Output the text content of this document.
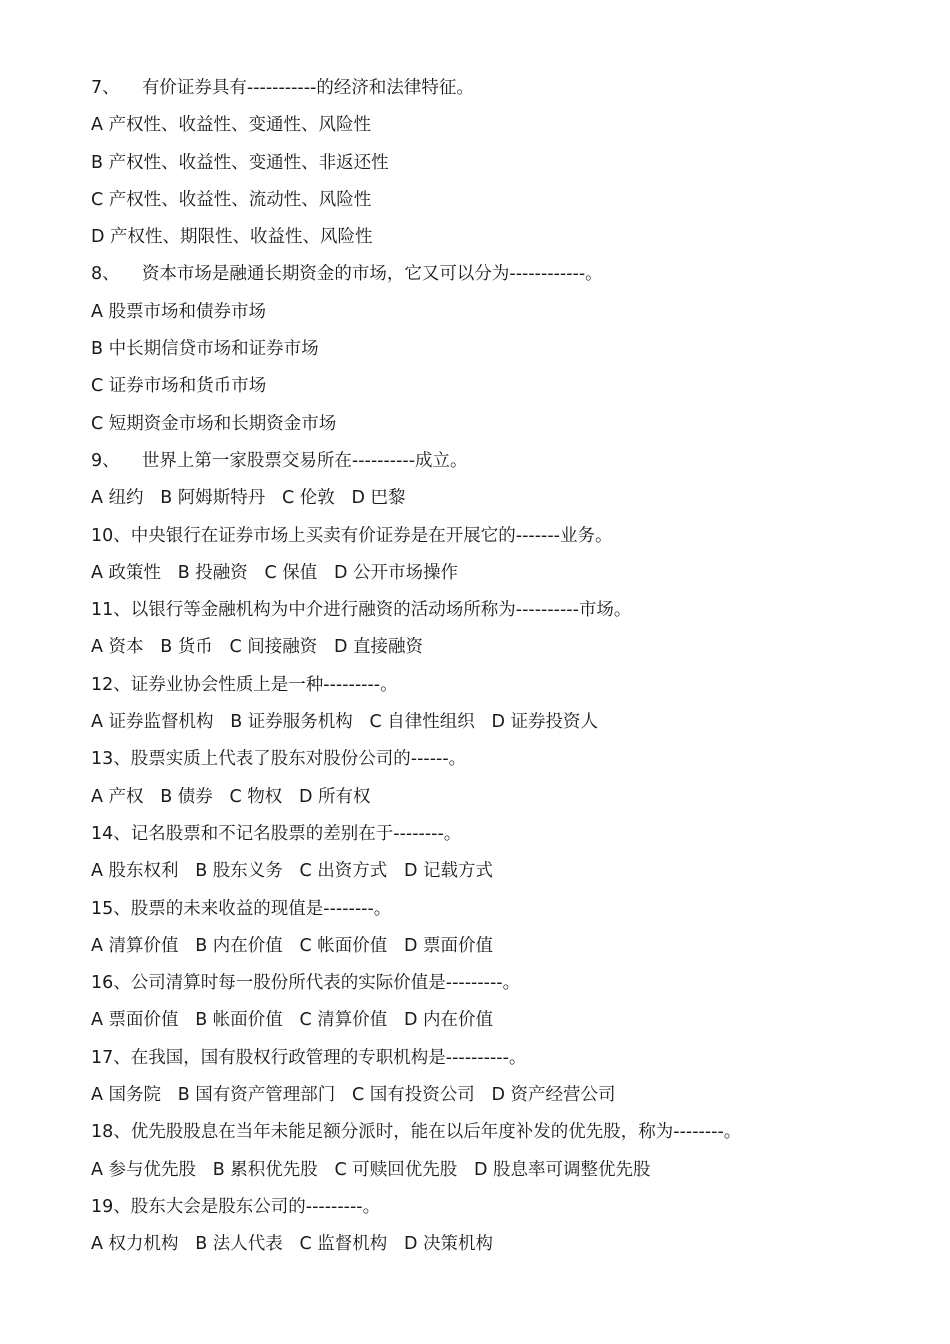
7、    有价证券具有-----------的经济和法律特征。
A 产权性、收益性、变通性、风险性
B 产权性、收益性、变通性、非返还性
C 产权性、收益性、流动性、风险性
D 产权性、期限性、收益性、风险性
8、    资本市场是融通长期资金的市场，它又可以分为------------。
A 股票市场和债券市场
B 中长期信贷市场和证券市场
C 证券市场和货币市场
C 短期资金市场和长期资金市场
9、    世界上第一家股票交易所在----------成立。
A 纽约   B 阿姆斯特丹   C 伦敦   D 巴黎
10、中央银行在证券市场上买卖有价证券是在开展它的-------业务。
A 政策性   B 投融资   C 保值   D 公开市场操作
11、以银行等金融机构为中介进行融资的活动场所称为----------市场。
A 资本   B 货币   C 间接融资   D 直接融资
12、证券业协会性质上是一种---------。
A 证券监督机构   B 证券服务机构   C 自律性组织   D 证券投资人
13、股票实质上代表了股东对股份公司的------。
A 产权   B 债券   C 物权   D 所有权
14、记名股票和不记名股票的差别在于--------。
A 股东权利   B 股东义务   C 出资方式   D 记载方式
15、股票的未来收益的现值是--------。
A 清算价值   B 内在价值   C 帐面价值   D 票面价值
16、公司清算时每一股份所代表的实际价值是---------。
A 票面价值   B 帐面价值   C 清算价值   D 内在价值
17、在我国，国有股权行政管理的专职机构是----------。
A 国务院   B 国有资产管理部门   C 国有投资公司   D 资产经营公司
18、优先股股息在当年未能足额分派时，能在以后年度补发的优先股，称为--------。
A 参与优先股   B 累积优先股   C 可赎回优先股   D 股息率可调整优先股
19、股东大会是股东公司的---------。
A 权力机构   B 法人代表   C 监督机构   D 决策机构
